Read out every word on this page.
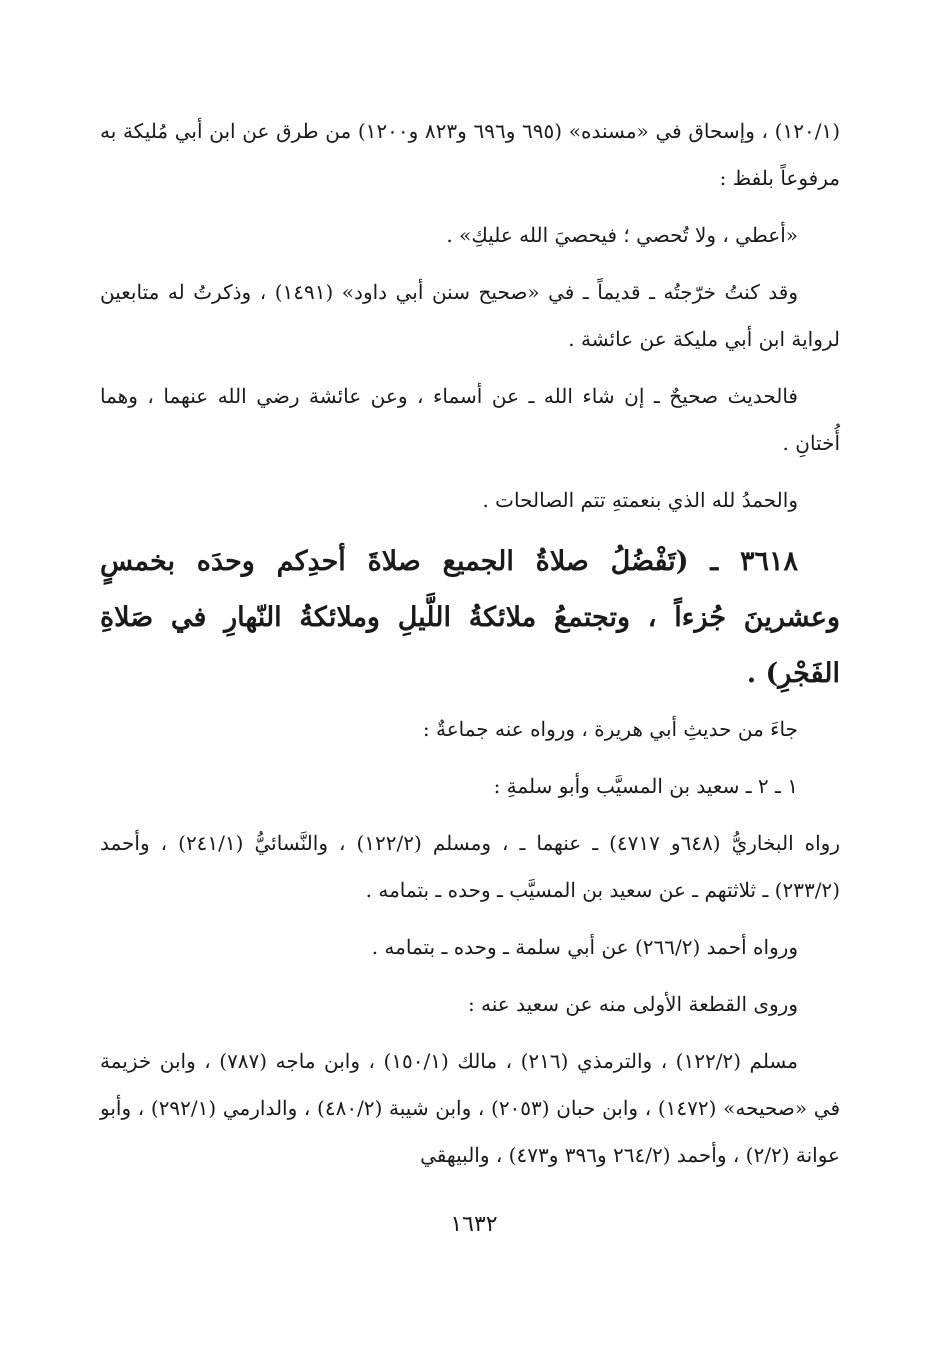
(١٢٠/١) ، وإسحاق في «مسنده» (٦٩٥ و٦٩٦ و٨٢٣ و١٢٠٠) من طرق عن ابن أبي مُليكة به مرفوعاً بلفظ :

«أعطي ، ولا تُحصي ؛ فيحصيَ الله عليكِ» .

وقد كنتُ خرّجتُه ـ قديماً ـ في «صحيح سنن أبي داود» (١٤٩١) ، وذكرتُ له متابعين لرواية ابن أبي مليكة عن عائشة .

فالحديث صحيحٌ ـ إن شاء الله ـ عن أسماء ، وعن عائشة رضي الله عنهما ، وهما أُختانِ .

والحمدُ لله الذي بنعمتهِ تتم الصالحات .

٣٦١٨ ـ (تَفْضُلُ صلاةُ الجميع صلاةَ أحدِكم وحدَه بخمسٍ وعشرينَ جُزءاً ، وتجتمعُ ملائكةُ اللَّيلِ وملائكةُ النّهارِ في صَلاةِ الفَجْرِ) .

جاءَ من حديثِ أبي هريرة ، ورواه عنه جماعةٌ :

١ ـ ٢ ـ سعيد بن المسيَّب وأبو سلمةِ :

رواه البخاريُّ (٦٤٨و ٤٧١٧) ـ عنهما ـ ، ومسلم (١٢٢/٢) ، والنَّسائيُّ (٢٤١/١) ، وأحمد (٢٣٣/٢) ـ ثلاثتهم ـ عن سعيد بن المسيَّب ـ وحده ـ بتمامه .

ورواه أحمد (٢٦٦/٢) عن أبي سلمة ـ وحده ـ بتمامه .

وروى القطعة الأولى منه عن سعيد عنه :

مسلم (١٢٢/٢) ، والترمذي (٢١٦) ، مالك (١٥٠/١) ، وابن ماجه (٧٨٧) ، وابن خزيمة في «صحيحه» (١٤٧٢) ، وابن حبان (٢٠٥٣) ، وابن شيبة (٤٨٠/٢) ، والدارمي (٢٩٢/١) ، وأبو عوانة (٢/٢) ، وأحمد (٢٦٤/٢ و٣٩٦ و٤٧٣) ، والبيهقي

١٦٣٢
